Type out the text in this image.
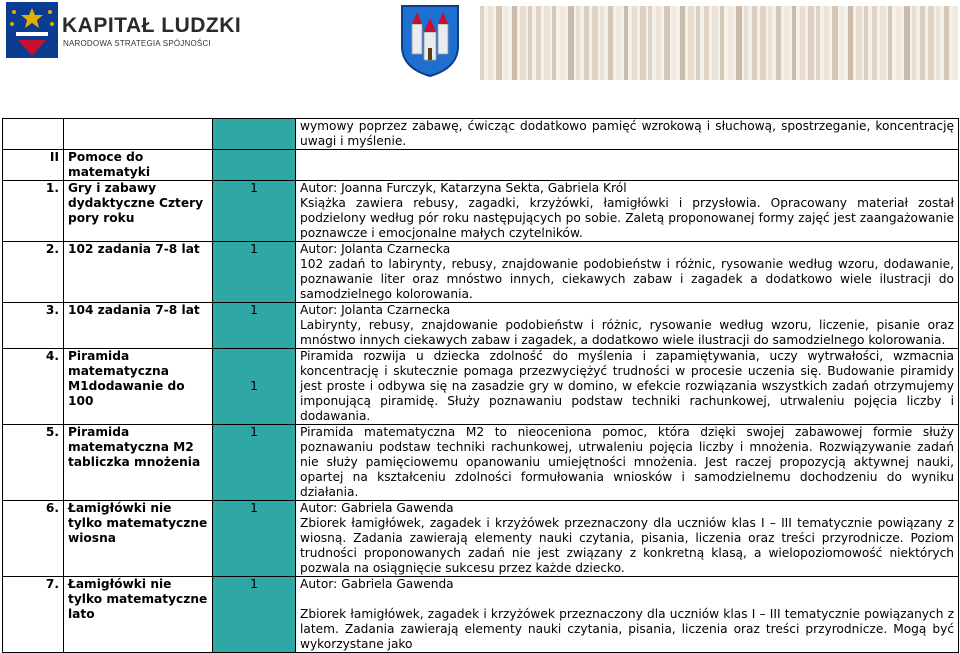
KAPITAŁ LUDZKI
NARODOWA STRATEGIA SPÓJNOŚCI
			wymowy poprzez zabawę, ćwicząc dodatkowo pamięć wzrokową i słuchową, spostrzeganie, koncentrację uwagi i myślenie.
II	Pomoce do matematyki		
1.	Gry i zabawy dydaktyczne Cztery pory roku	1	Autor: Joanna Furczyk, Katarzyna Sekta, Gabriela Król

Książka zawiera rebusy, zagadki, krzyżówki, łamigłówki i przysłowia. Opracowany materiał został podzielony według pór roku następujących po sobie. Zaletą proponowanej formy zajęć jest zaangażowanie poznawcze i emocjonalne małych czytelników.

2.	102 zadania 7-8 lat	1	Autor: Jolanta Czarnecka

102 zadań to labirynty, rebusy, znajdowanie podobieństw i różnic, rysowanie według wzoru, dodawanie, poznawanie liter oraz mnóstwo innych, ciekawych zabaw i zagadek a dodatkowo wiele ilustracji do samodzielnego kolorowania.

3.	104 zadania 7-8 lat	1	Autor: Jolanta Czarnecka

Labirynty, rebusy, znajdowanie podobieństw i różnic, rysowanie według wzoru, liczenie, pisanie oraz mnóstwo innych ciekawych zabaw i zagadek, a dodatkowo wiele ilustracji do samodzielnego kolorowania.

4.	Piramida matematyczna M1dodawanie do 100	1	Piramida rozwija u dziecka zdolność do myślenia i zapamiętywania, uczy wytrwałości, wzmacnia koncentrację i skutecznie pomaga przezwyciężyć trudności w procesie uczenia się. Budowanie piramidy jest proste i odbywa się na zasadzie gry w domino, w efekcie rozwiązania wszystkich zadań otrzymujemy imponującą piramidę. Służy poznawaniu podstaw techniki rachunkowej, utrwaleniu pojęcia liczby i dodawania.
5.	Piramida matematyczna M2 tabliczka mnożenia	1	Piramida matematyczna M2 to nieoceniona pomoc, która dzięki swojej zabawowej formie służy poznawaniu podstaw techniki rachunkowej, utrwaleniu pojęcia liczby i mnożenia. Rozwiązywanie zadań nie służy pamięciowemu opanowaniu umiejętności mnożenia. Jest raczej propozycją aktywnej nauki, opartej na kształceniu zdolności formułowania wniosków i samodzielnemu dochodzeniu do wyniku działania.
6.	Łamigłówki nie tylko matematyczne wiosna	1	Autor: Gabriela Gawenda

Zbiorek łamigłówek, zagadek i krzyżówek przeznaczony dla uczniów klas I – III tematycznie powiązany z wiosną. Zadania zawierają elementy nauki czytania, pisania, liczenia oraz treści przyrodnicze. Poziom trudności proponowanych zadań nie jest związany z konkretną klasą, a wielopoziomowość niektórych pozwala na osiągnięcie sukcesu przez każde dziecko.

7.	Łamigłówki nie tylko matematyczne lato	1	Autor: Gabriela Gawenda

Zbiorek łamigłówek, zagadek i krzyżówek przeznaczony dla uczniów klas I – III tematycznie powiązanych z latem. Zadania zawierają elementy nauki czytania, pisania, liczenia oraz treści przyrodnicze. Mogą być wykorzystane jako
